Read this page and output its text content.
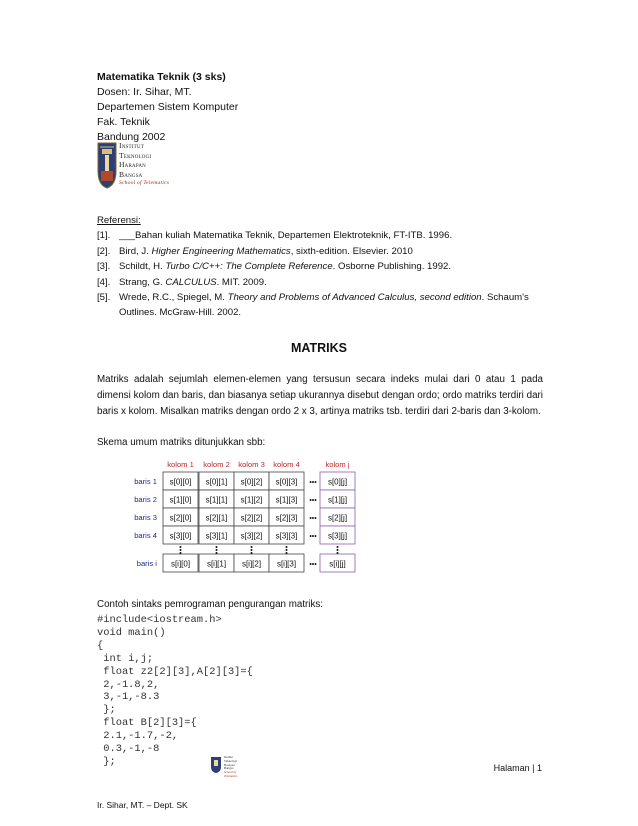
Matematika Teknik (3 sks)
Dosen: Ir. Sihar, MT.
Departemen Sistem Komputer
Fak. Teknik
Bandung 2002
Institut
Teknologi
Harapan
Bangsa
School of Telematics
Referensi:
[1]. ___Bahan kuliah Matematika Teknik, Departemen Elektroteknik, FT-ITB. 1996.
[2]. Bird, J. Higher Engineering Mathematics, sixth-edition. Elsevier. 2010
[3]. Schildt, H. Turbo C/C++: The Complete Reference. Osborne Publishing. 1992.
[4]. Strang, G. CALCULUS. MIT. 2009.
[5]. Wrede, R.C., Spiegel, M. Theory and Problems of Advanced Calculus, second edition. Schaum's Outlines. McGraw-Hill. 2002.
MATRIKS
Matriks adalah sejumlah elemen-elemen yang tersusun secara indeks mulai dari 0 atau 1 pada dimensi kolom dan baris, dan biasanya setiap ukurannya disebut dengan ordo; ordo matriks terdiri dari baris x kolom. Misalkan matriks dengan ordo 2 x 3, artinya matriks tsb. terdiri dari 2-baris dan 3-kolom.
Skema umum matriks ditunjukkan sbb:
kolom 1 kolom 2 kolom 3 kolom 4	kolom j
baris 1 s[0][0] s[0][1] s[0][2] s[0][3]	s[0][j]
•••
baris 2 s[1][0] s[1][1] s[1][2] s[1][3]	s[1][j]
•••
baris 3 s[2][0] s[2][1] s[2][2] s[2][3]	s[2][j]
•••
baris 4 s[3][0] s[3][1] s[3][2] s[3][3]	s[3][j]
•••
baris i s[i][0] s[i][1] s[i][2] s[i][3]	s[i][j]
•••
Contoh sintaks pemrograman pengurangan matriks:
#include<iostream.h>
void main()
{
int i,j;
float z2[2][3],A[2][3]={
2,-1.8,2,
3,-1,-8.3
};
float B[2][3]={
2.1,-1.7,-2,
0.3,-1,-8
};	Institut
Teknologi
Harapan
Bangsa
School of Telematics
Halaman | 1
Ir. Sihar, MT. – Dept. SK
